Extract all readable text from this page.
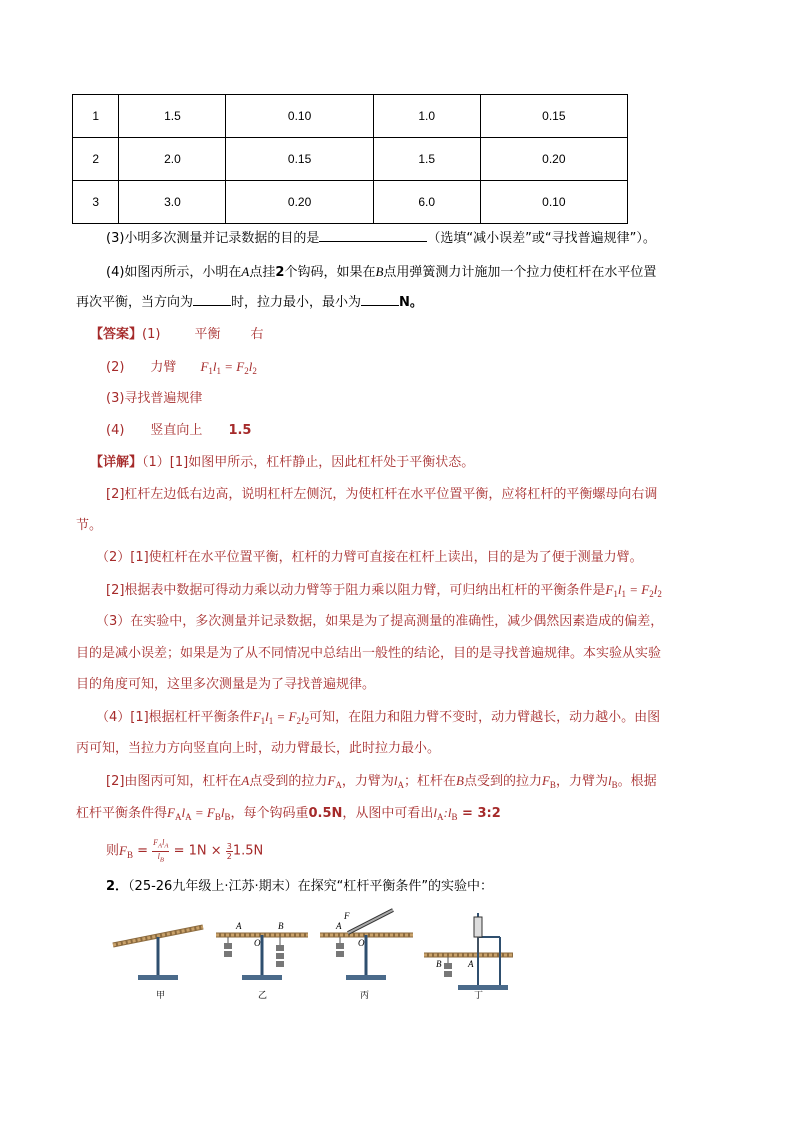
1	1.5	0.10	1.0	0.15
2	2.0	0.15	1.5	0.20
3	3.0	0.20	6.0	0.10
(3)小明多次测量并记录数据的目的是	（选填“减小误差”或“寻找普遍规律”）。
(4)如图丙所示，小明在A点挂2个钩码，如果在B点用弹簧测力计施加一个拉力使杠杆在水平位置
再次平衡，当方向为	时，拉力最小，最小为	N。
【答案】(1)	平衡 右
(2) 力臂 $F_1l_1 = F_2l_2$
(3)寻找普遍规律
(4) 竖直向上 1.5
【详解】（1）[1]如图甲所示，杠杆静止，因此杠杆处于平衡状态。
[2]杠杆左边低右边高，说明杠杆左侧沉，为使杠杆在水平位置平衡，应将杠杆的平衡螺母向右调
节。
（2）[1]使杠杆在水平位置平衡，杠杆的力臂可直接在杠杆上读出，目的是为了便于测量力臂。
[2]根据表中数据可得动力乘以动力臂等于阻力乘以阻力臂，可归纳出杠杆的平衡条件是$F_1l_1 = F_2l_2$
（3）在实验中，多次测量并记录数据，如果是为了提高测量的准确性，减少偶然因素造成的偏差，
目的是减小误差；如果是为了从不同情况中总结出一般性的结论，目的是寻找普遍规律。本实验从实验
目的角度可知，这里多次测量是为了寻找普遍规律。
（4）[1]根据杠杆平衡条件$F_1l_1 = F_2l_2$可知，在阻力和阻力臂不变时，动力臂越长，动力越小。由图
丙可知，当拉力方向竖直向上时，动力臂最长，此时拉力最小。
[2]由图丙可知，杠杆在A点受到的拉力$F_A$，力臂为$l_A$；杠杆在B点受到的拉力$F_B$，力臂为$l_B$。根据
杠杆平衡条件得$F_Al_A = F_Bl_B$，每个钩码重0.5N，从图中可看出$l_A:l_B$ = 3:2
则$F_B = \frac{F_Al_A}{l_B} = 1N \times \frac{3}{2} 1.5N$
2．（25-26九年级上·江苏·期末）在探究“杠杆平衡条件”的实验中：
甲
A	B
O
乙
A
F
O
丙
B	A
丁
